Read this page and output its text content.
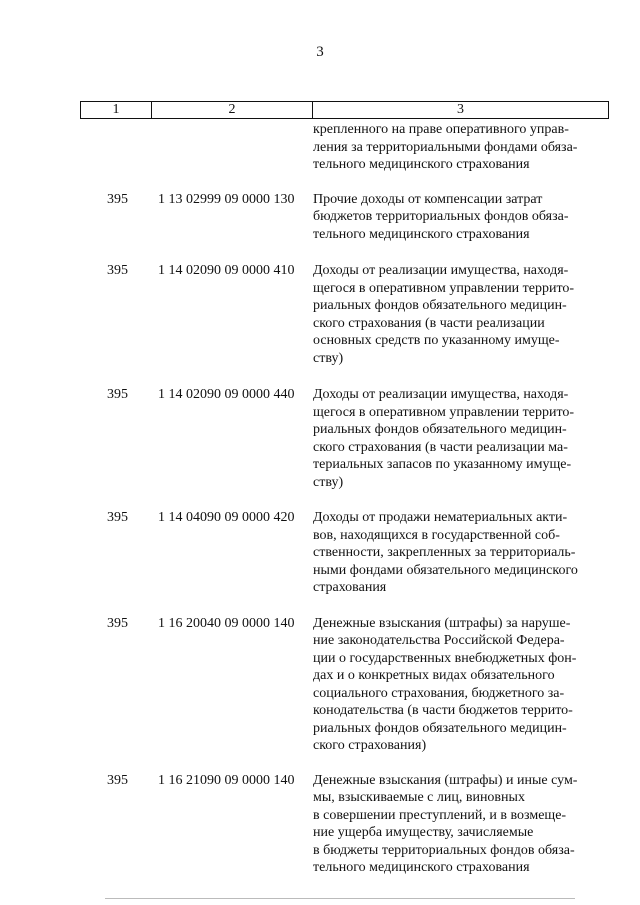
3
1	2	3
крепленного на праве оперативного управ-
ления за территориальными фондами обяза-
тельного медицинского страхования
395	1 13 02999 09 0000 130	Прочие доходы от компенсации затрат
бюджетов территориальных фондов обяза-
тельного медицинского страхования
395	1 14 02090 09 0000 410	Доходы от реализации имущества, находя-
щегося в оперативном управлении террито-
риальных фондов обязательного медицин-
ского страхования (в части реализации
основных средств по указанному имуще-
ству)
395	1 14 02090 09 0000 440	Доходы от реализации имущества, находя-
щегося в оперативном управлении террито-
риальных фондов обязательного медицин-
ского страхования (в части реализации ма-
териальных запасов по указанному имуще-
ству)
395	1 14 04090 09 0000 420	Доходы от продажи нематериальных акти-
вов, находящихся в государственной соб-
ственности, закрепленных за территориаль-
ными фондами обязательного медицинского
страхования
395	1 16 20040 09 0000 140	Денежные взыскания (штрафы) за наруше-
ние законодательства Российской Федера-
ции о государственных внебюджетных фон-
дах и о конкретных видах обязательного
социального страхования, бюджетного за-
конодательства (в части бюджетов террито-
риальных фондов обязательного медицин-
ского страхования)
395	1 16 21090 09 0000 140	Денежные взыскания (штрафы) и иные сум-
мы, взыскиваемые с лиц, виновных
в совершении преступлений, и в возмеще-
ние ущерба имуществу, зачисляемые
в бюджеты территориальных фондов обяза-
тельного медицинского страхования
